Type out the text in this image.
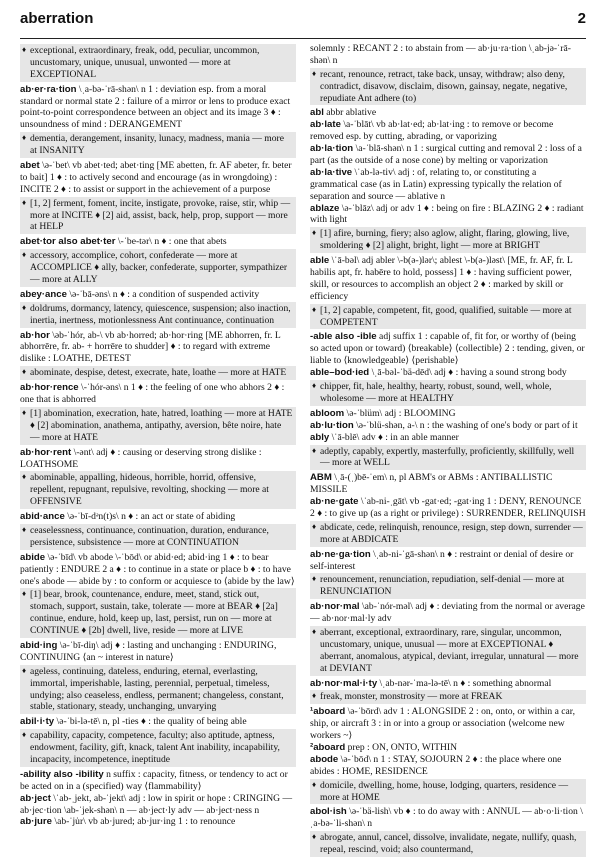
aberration	2
♦ exceptional, extraordinary, freak, odd, peculiar, uncommon, uncustomary, unique, unusual, unwonted — more at EXCEPTIONAL
ab·er·ra·tion \ˌa-bə-ˈrā-shən\ n 1 : deviation esp. from a moral standard or normal state 2 : failure of a mirror or lens to produce exact point-to-point correspondence between an object and its image 3 ♦ : unsoundness of mind : DERANGEMENT
♦ dementia, derangement, insanity, lunacy, madness, mania — more at INSANITY
abet \ə-ˈbet\ vb abet·ted; abet·ting [ME abetten, fr. AF abeter, fr. beter to bait] 1 ♦ : to actively second and encourage (as in wrongdoing) : INCITE 2 ♦ : to assist or support in the achievement of a purpose
♦ [1, 2] ferment, foment, incite, instigate, provoke, raise, stir, whip — more at INCITE ♦ [2] aid, assist, back, help, prop, support — more at HELP
abet·tor also abet·ter \-ˈbe-tər\ n ♦ : one that abets
♦ accessory, accomplice, cohort, confederate — more at ACCOMPLICE ♦ ally, backer, confederate, supporter, sympathizer — more at ALLY
abey·ance \ə-ˈbā-əns\ n ♦ : a condition of suspended activity
♦ doldrums, dormancy, latency, quiescence, suspension; also inaction, inertia, inertness, motionlessness Ant continuance, continuation
ab·hor \əb-ˈhór, ab-\ vb ab·horred; ab·hor·ring [ME abhorren, fr. L abhorrēre, fr. ab- + horrēre to shudder] ♦ : to regard with extreme dislike : LOATHE, DETEST
♦ abominate, despise, detest, execrate, hate, loathe — more at HATE
ab·hor·rence \-ˈhór-əns\ n 1 ♦ : the feeling of one who abhors 2 ♦ : one that is abhorred
♦ [1] abomination, execration, hate, hatred, loathing — more at HATE ♦ [2] abomination, anathema, antipathy, aversion, bête noire, hate — more at HATE
ab·hor·rent \-ənt\ adj ♦ : causing or deserving strong dislike : LOATHSOME
♦ abominable, appalling, hideous, horrible, horrid, offensive, repellent, repugnant, repulsive, revolting, shocking — more at OFFENSIVE
abid·ance \ə-ˈbī-dᵊn(t)s\ n ♦ : an act or state of abiding
♦ ceaselessness, continuance, continuation, duration, endurance, persistence, subsistence — more at CONTINUATION
abide \ə-ˈbīd\ vb abode \-ˈbōd\ or abid·ed; abid·ing 1 ♦ : to bear patiently : ENDURE 2 a ♦ : to continue in a state or place b ♦ : to have one's abode — abide by : to conform or acquiesce to ⟨abide by the law⟩
♦ [1] bear, brook, countenance, endure, meet, stand, stick out, stomach, support, sustain, take, tolerate — more at BEAR ♦ [2a] continue, endure, hold, keep up, last, persist, run on — more at CONTINUE ♦ [2b] dwell, live, reside — more at LIVE
abid·ing \ə-ˈbī-diŋ\ adj ♦ : lasting and unchanging : ENDURING, CONTINUING ⟨an ~ interest in nature⟩
♦ ageless, continuing, dateless, enduring, eternal, everlasting, immortal, imperishable, lasting, perennial, perpetual, timeless, undying; also ceaseless, endless, permanent; changeless, constant, stable, stationary, steady, unchanging, unvarying
abil·i·ty \ə-ˈbi-lə-tē\ n, pl -ties ♦ : the quality of being able
♦ capability, capacity, competence, faculty; also aptitude, aptness, endowment, facility, gift, knack, talent Ant inability, incapability, incapacity, incompetence, ineptitude
-ability also -ibility n suffix : capacity, fitness, or tendency to act or be acted on in a (specified) way ⟨flammability⟩
ab·ject \ˈab-ˌjekt, ab-ˈjekt\ adj : low in spirit or hope : CRINGING — ab·jec·tion \ab-ˈjek-shən\ n — ab·ject·ly adv — ab·ject·ness n
ab·jure \ab-ˈju̇r\ vb ab·jured; ab·jur·ing 1 : to renounce
solemnly : RECANT 2 : to abstain from — ab·ju·ra·tion \ˌab-jə-ˈrā-shən\ n
♦ recant, renounce, retract, take back, unsay, withdraw; also deny, contradict, disavow, disclaim, disown, gainsay, negate, negative, repudiate Ant adhere (to)
abl abbr ablative
ab·late \a-ˈblāt\ vb ab·lat·ed; ab·lat·ing : to remove or become removed esp. by cutting, abrading, or vaporizing
ab·la·tion \a-ˈblā-shən\ n 1 : surgical cutting and removal 2 : loss of a part (as the outside of a nose cone) by melting or vaporization
ab·la·tive \ˈab-lə-tiv\ adj : of, relating to, or constituting a grammatical case (as in Latin) expressing typically the relation of separation and source — ablative n
ablaze \ə-ˈblāz\ adj or adv 1 ♦ : being on fire : BLAZING 2 ♦ : radiant with light
♦ [1] afire, burning, fiery; also aglow, alight, flaring, glowing, live, smoldering ♦ [2] alight, bright, light — more at BRIGHT
able \ˈā-bəl\ adj abler \-b(ə-)lər\; ablest \-b(ə-)ləst\ [ME, fr. AF, fr. L habilis apt, fr. habēre to hold, possess] 1 ♦ : having sufficient power, skill, or resources to accomplish an object 2 ♦ : marked by skill or efficiency
♦ [1, 2] capable, competent, fit, good, qualified, suitable — more at COMPETENT
-able also -ible adj suffix 1 : capable of, fit for, or worthy of (being so acted upon or toward) ⟨breakable⟩ ⟨collectible⟩ 2 : tending, given, or liable to ⟨knowledgeable⟩ ⟨perishable⟩
able–bod·ied \ˌā-bəl-ˈbä-dēd\ adj ♦ : having a sound strong body
♦ chipper, fit, hale, healthy, hearty, robust, sound, well, whole, wholesome — more at HEALTHY
abloom \ə-ˈblüm\ adj : BLOOMING
ab·lu·tion \ə-ˈblü-shən, a-\ n : the washing of one's body or part of it
ably \ˈā-blē\ adv ♦ : in an able manner
♦ adeptly, capably, expertly, masterfully, proficiently, skillfully, well — more at WELL
ABM \ˌā-(ˌ)bē-ˈem\ n, pl ABM's or ABMs : ANTIBALLISTIC MISSILE
ab·ne·gate \ˈab-ni-ˌgāt\ vb -gat·ed; -gat·ing 1 : DENY, RENOUNCE 2 ♦ : to give up (as a right or privilege) : SURRENDER, RELINQUISH
♦ abdicate, cede, relinquish, renounce, resign, step down, surrender — more at ABDICATE
ab·ne·ga·tion \ˌab-ni-ˈgā-shən\ n ♦ : restraint or denial of desire or self-interest
♦ renouncement, renunciation, repudiation, self-denial — more at RENUNCIATION
ab·nor·mal \ab-ˈnór-məl\ adj ♦ : deviating from the normal or average — ab·nor·mal·ly adv
♦ aberrant, exceptional, extraordinary, rare, singular, uncommon, uncustomary, unique, unusual — more at EXCEPTIONAL ♦ aberrant, anomalous, atypical, deviant, irregular, unnatural — more at DEVIANT
ab·nor·mal·i·ty \ˌab-nər-ˈma-lə-tē\ n ♦ : something abnormal
♦ freak, monster, monstrosity — more at FREAK
¹aboard \ə-ˈbōrd\ adv 1 : ALONGSIDE 2 : on, onto, or within a car, ship, or aircraft 3 : in or into a group or association ⟨welcome new workers ~⟩
²aboard prep : ON, ONTO, WITHIN
abode \ə-ˈbōd\ n 1 : STAY, SOJOURN 2 ♦ : the place where one abides : HOME, RESIDENCE
♦ domicile, dwelling, home, house, lodging, quarters, residence — more at HOME
abol·ish \ə-ˈbä-lish\ vb ♦ : to do away with : ANNUL — ab·o·li·tion \ˌa-bə-ˈli-shən\ n
♦ abrogate, annul, cancel, dissolve, invalidate, negate, nullify, quash, repeal, rescind, void; also countermand,
